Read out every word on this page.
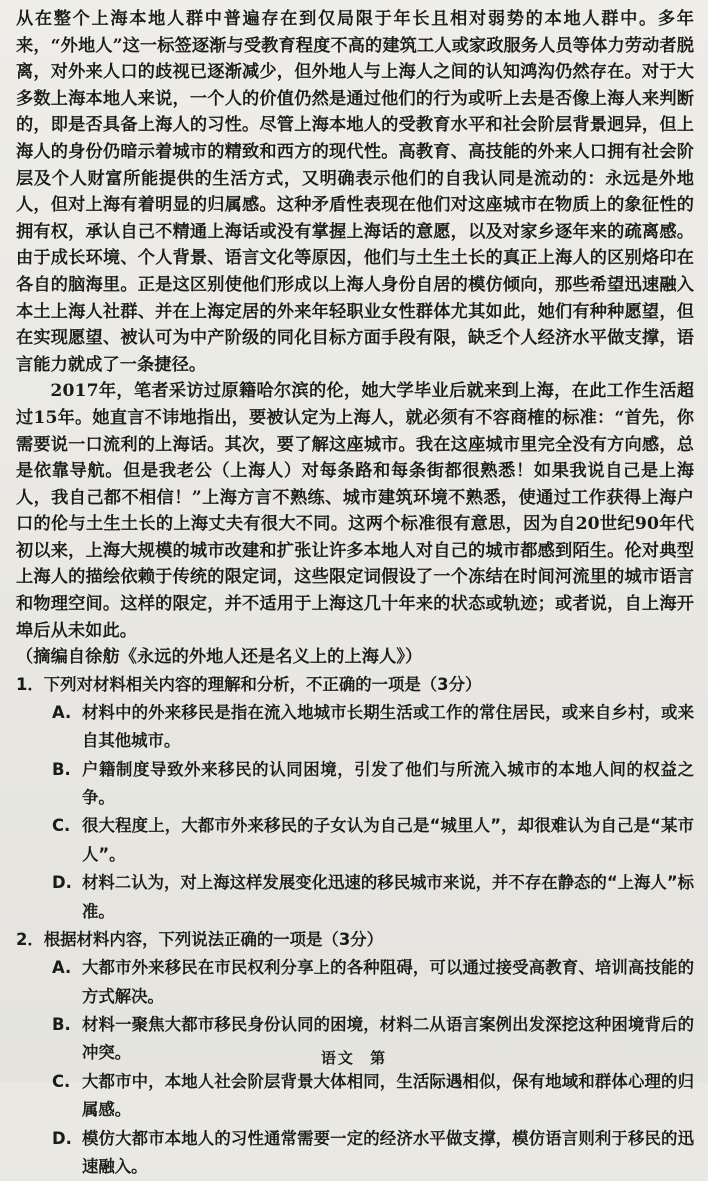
从在整个上海本地人群中普遍存在到仅局限于年长且相对弱势的本地人群中。多年来，“外地人”这一标签逐渐与受教育程度不高的建筑工人或家政服务人员等体力劳动者脱离，对外来人口的歧视已逐渐减少，但外地人与上海人之间的认知鸿沟仍然存在。对于大多数上海本地人来说，一个人的价值仍然是通过他们的行为或听上去是否像上海人来判断的，即是否具备上海人的习性。尽管上海本地人的受教育水平和社会阶层背景迥异，但上海人的身份仍暗示着城市的精致和西方的现代性。高教育、高技能的外来人口拥有社会阶层及个人财富所能提供的生活方式，又明确表示他们的自我认同是流动的：永远是外地人，但对上海有着明显的归属感。这种矛盾性表现在他们对这座城市在物质上的象征性的拥有权，承认自己不精通上海话或没有掌握上海话的意愿，以及对家乡逐年来的疏离感。由于成长环境、个人背景、语言文化等原因，他们与土生土长的真正上海人的区别烙印在各自的脑海里。正是这区别使他们形成以上海人身份自居的模仿倾向，那些希望迅速融入本土上海人社群、并在上海定居的外来年轻职业女性群体尤其如此，她们有种种愿望，但在实现愿望、被认可为中产阶级的同化目标方面手段有限，缺乏个人经济水平做支撑，语言能力就成了一条捷径。

2017年，笔者采访过原籍哈尔滨的伦，她大学毕业后就来到上海，在此工作生活超过15年。她直言不讳地指出，要被认定为上海人，就必须有不容商榷的标准：“首先，你需要说一口流利的上海话。其次，要了解这座城市。我在这座城市里完全没有方向感，总是依靠导航。但是我老公（上海人）对每条路和每条街都很熟悉！如果我说自己是上海人，我自己都不相信！”上海方言不熟练、城市建筑环境不熟悉，使通过工作获得上海户口的伦与土生土长的上海丈夫有很大不同。这两个标准很有意思，因为自20世纪90年代初以来，上海大规模的城市改建和扩张让许多本地人对自己的城市都感到陌生。伦对典型上海人的描绘依赖于传统的限定词，这些限定词假设了一个冻结在时间河流里的城市语言和物理空间。这样的限定，并不适用于上海这几十年来的状态或轨迹；或者说，自上海开埠后从未如此。

（摘编自徐舫《永远的外地人还是名义上的上海人》）

1．下列对材料相关内容的理解和分析，不正确的一项是（3分）

A. 材料中的外来移民是指在流入地城市长期生活或工作的常住居民，或来自乡村，或来自其他城市。
B. 户籍制度导致外来移民的认同困境，引发了他们与所流入城市的本地人间的权益之争。
C. 很大程度上，大都市外来移民的子女认为自己是“城里人”，却很难认为自己是“某市人”。
D. 材料二认为，对上海这样发展变化迅速的移民城市来说，并不存在静态的“上海人”标准。

2．根据材料内容，下列说法正确的一项是（3分）

A. 大都市外来移民在市民权利分享上的各种阻碍，可以通过接受高教育、培训高技能的方式解决。
B. 材料一聚焦大都市移民身份认同的困境，材料二从语言案例出发深挖这种困境背后的冲突。
C. 大都市中，本地人社会阶层背景大体相同，生活际遇相似，保有地域和群体心理的归属感。
D. 模仿大都市本地人的习性通常需要一定的经济水平做支撑，模仿语言则利于移民的迅速融入。
语文 第
